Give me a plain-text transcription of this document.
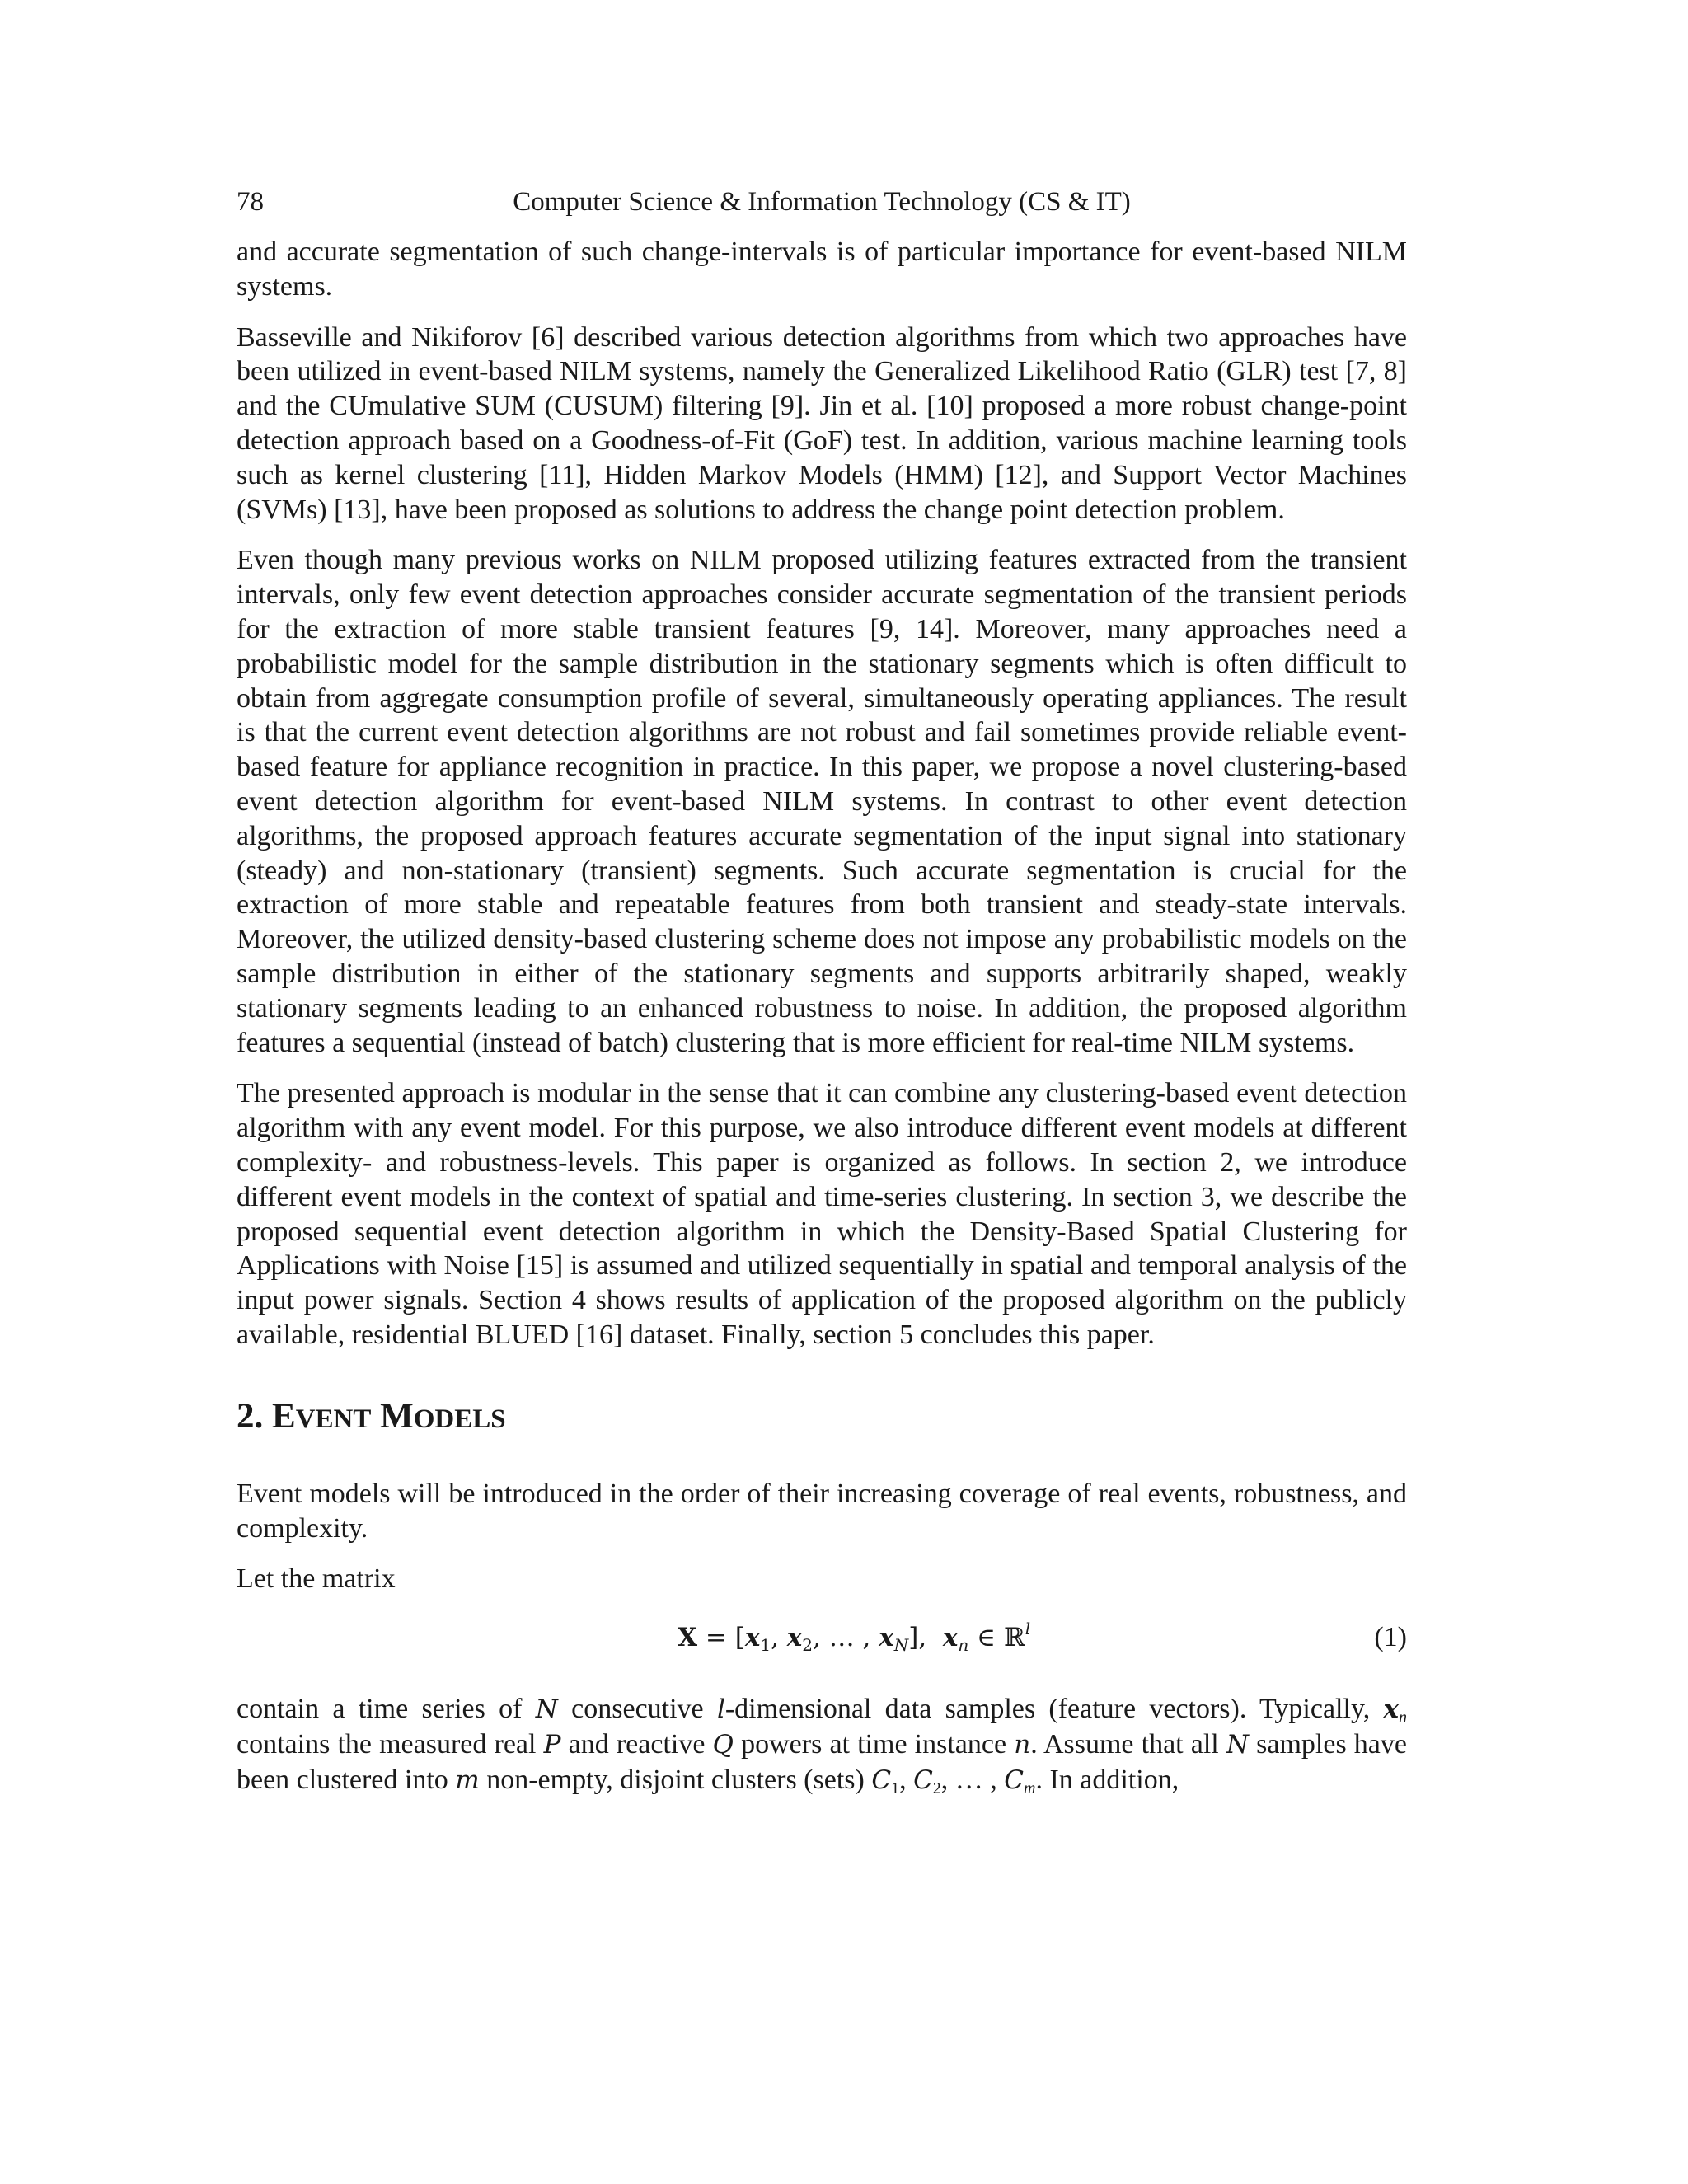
78	Computer Science & Information Technology (CS & IT)

and accurate segmentation of such change-intervals is of particular importance for event-based NILM systems.

Basseville and Nikiforov [6] described various detection algorithms from which two approaches have been utilized in event-based NILM systems, namely the Generalized Likelihood Ratio (GLR) test [7, 8] and the CUmulative SUM (CUSUM) filtering [9]. Jin et al. [10] proposed a more robust change-point detection approach based on a Goodness-of-Fit (GoF) test. In addition, various machine learning tools such as kernel clustering [11], Hidden Markov Models (HMM) [12], and Support Vector Machines (SVMs) [13], have been proposed as solutions to address the change point detection problem.

Even though many previous works on NILM proposed utilizing features extracted from the transient intervals, only few event detection approaches consider accurate segmentation of the transient periods for the extraction of more stable transient features [9, 14]. Moreover, many approaches need a probabilistic model for the sample distribution in the stationary segments which is often difficult to obtain from aggregate consumption profile of several, simultaneously operating appliances. The result is that the current event detection algorithms are not robust and fail sometimes provide reliable event-based feature for appliance recognition in practice. In this paper, we propose a novel clustering-based event detection algorithm for event-based NILM systems. In contrast to other event detection algorithms, the proposed approach features accurate segmentation of the input signal into stationary (steady) and non-stationary (transient) segments. Such accurate segmentation is crucial for the extraction of more stable and repeatable features from both transient and steady-state intervals. Moreover, the utilized density-based clustering scheme does not impose any probabilistic models on the sample distribution in either of the stationary segments and supports arbitrarily shaped, weakly stationary segments leading to an enhanced robustness to noise. In addition, the proposed algorithm features a sequential (instead of batch) clustering that is more efficient for real-time NILM systems.

The presented approach is modular in the sense that it can combine any clustering-based event detection algorithm with any event model. For this purpose, we also introduce different event models at different complexity- and robustness-levels. This paper is organized as follows. In section 2, we introduce different event models in the context of spatial and time-series clustering. In section 3, we describe the proposed sequential event detection algorithm in which the Density-Based Spatial Clustering for Applications with Noise [15] is assumed and utilized sequentially in spatial and temporal analysis of the input power signals. Section 4 shows results of application of the proposed algorithm on the publicly available, residential BLUED [16] dataset. Finally, section 5 concludes this paper.

2. EVENT MODELS

Event models will be introduced in the order of their increasing coverage of real events, robustness, and complexity.

Let the matrix

$X = [x_1$, $x_2$, … , $x_N$],  $x_n$ ∈ ℝ$^l$	(1)

contain a time series of N consecutive l-dimensional data samples (feature vectors). Typically, $x_n$ contains the measured real P and reactive Q powers at time instance n. Assume that all N samples have been clustered into m non-empty, disjoint clusters (sets) $C_1$, $C_2$, … , $C_m$. In addition,
